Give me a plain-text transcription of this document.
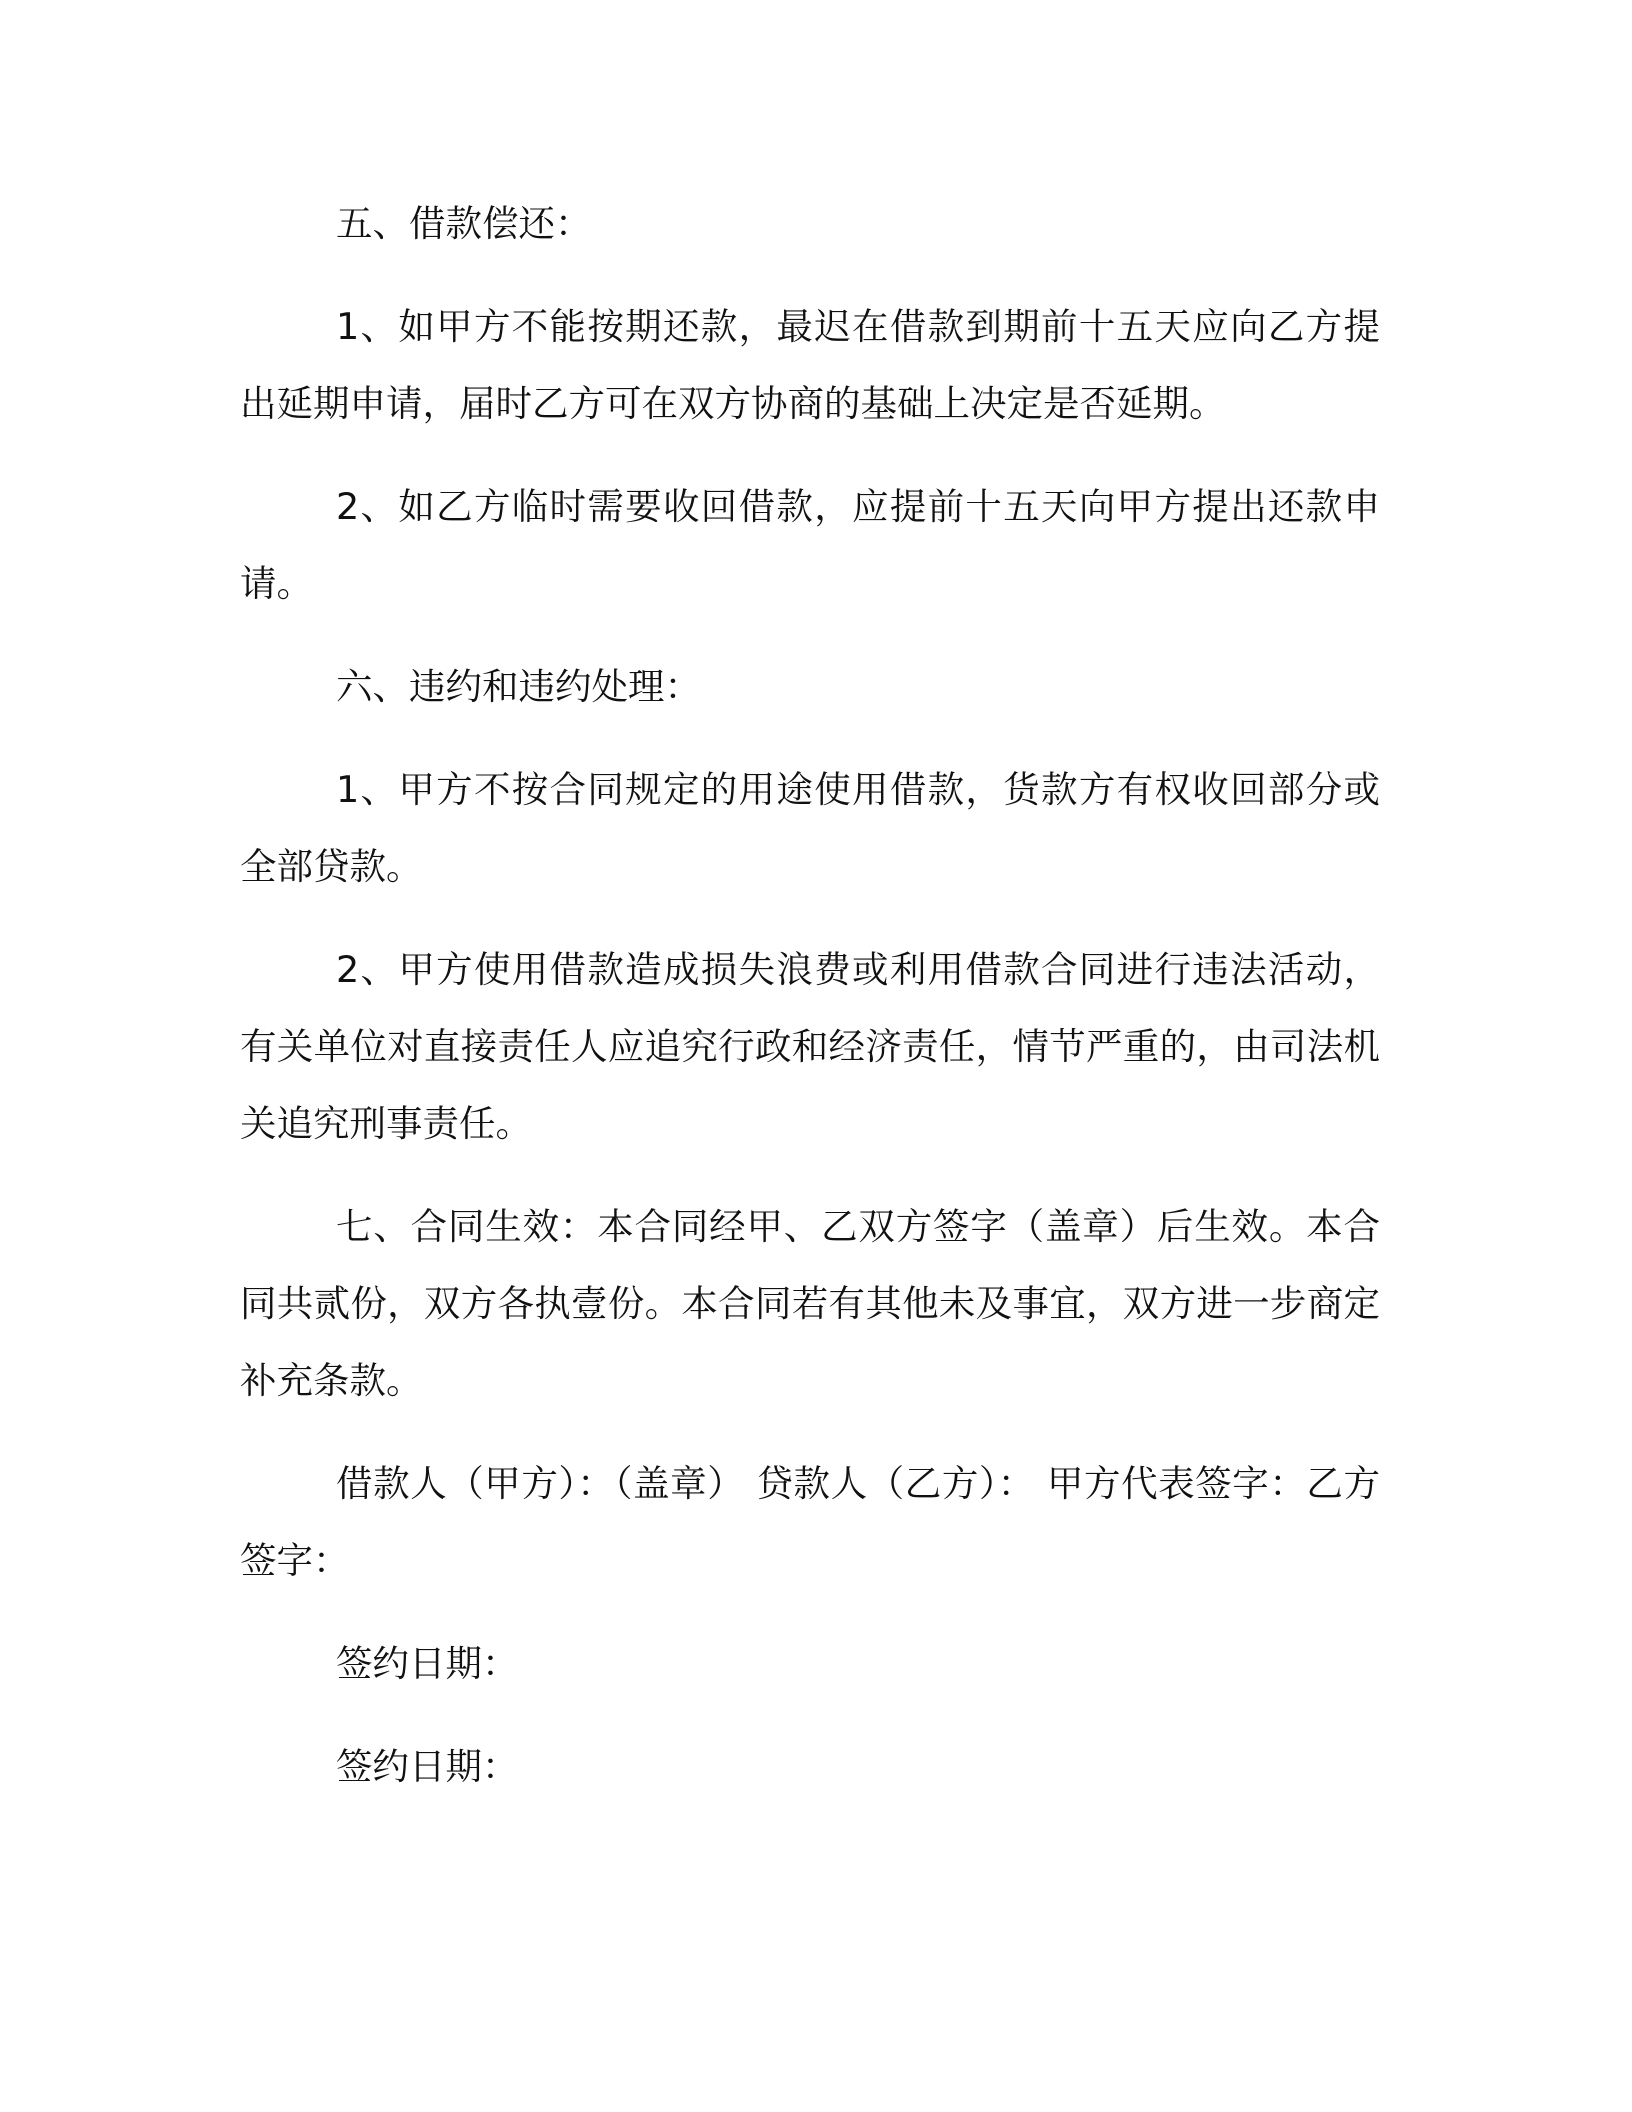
五、借款偿还：

1、如甲方不能按期还款，最迟在借款到期前十五天应向乙方提出延期申请，届时乙方可在双方协商的基础上决定是否延期。

2、如乙方临时需要收回借款，应提前十五天向甲方提出还款申请。

六、违约和违约处理：

1、甲方不按合同规定的用途使用借款，货款方有权收回部分或全部贷款。

2、甲方使用借款造成损失浪费或利用借款合同进行违法活动，有关单位对直接责任人应追究行政和经济责任，情节严重的，由司法机关追究刑事责任。

七、合同生效：本合同经甲、乙双方签字（盖章）后生效。本合同共贰份，双方各执壹份。本合同若有其他未及事宜，双方进一步商定补充条款。

借款人（甲方）：（盖章） 贷款人（乙方）： 甲方代表签字：乙方签字：

签约日期：

签约日期：
